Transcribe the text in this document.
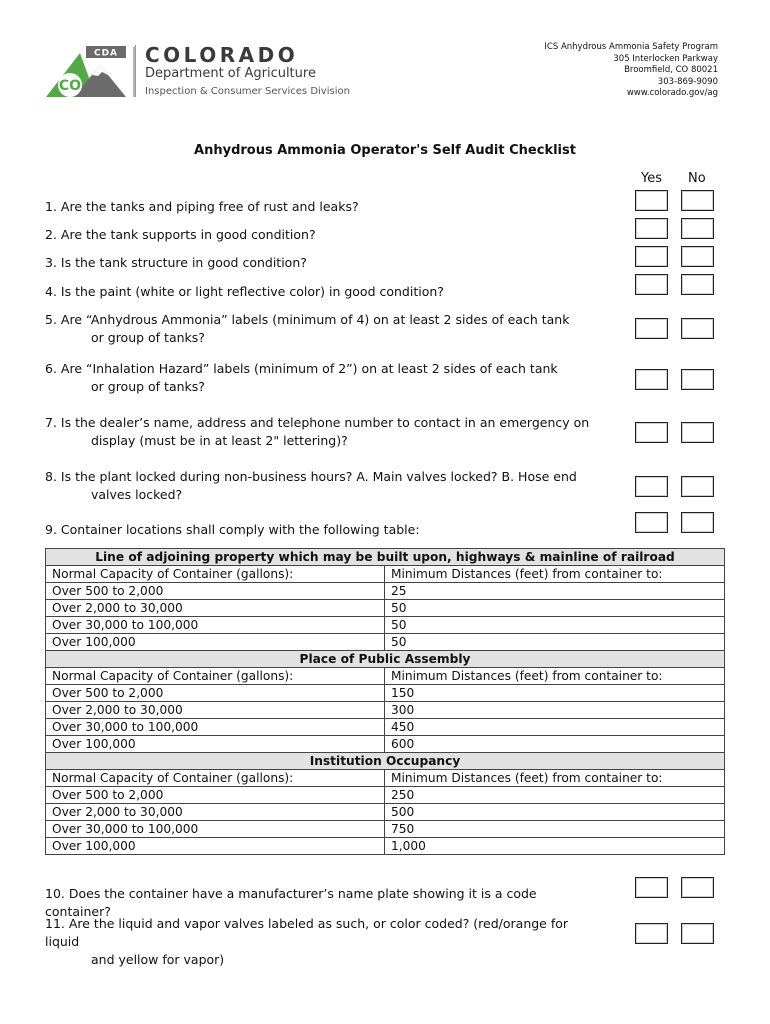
CDA
CO
COLORADO
Department of Agriculture
Inspection & Consumer Services Division
ICS Anhydrous Ammonia Safety Program
305 Interlocken Parkway
Broomfield, CO 80021
303-869-9090
www.colorado.gov/ag
Anhydrous Ammonia Operator's Self Audit Checklist
Yes No
1. Are the tanks and piping free of rust and leaks?
2. Are the tank supports in good condition?
3. Is the tank structure in good condition?
4. Is the paint (white or light reflective color) in good condition?
5. Are “Anhydrous Ammonia” labels (minimum of 4) on at least 2 sides of each tank
or group of tanks?
6. Are “Inhalation Hazard” labels (minimum of 2”) on at least 2 sides of each tank
or group of tanks?
7. Is the dealer’s name, address and telephone number to contact in an emergency on
display (must be in at least 2" lettering)?
8. Is the plant locked during non-business hours? A. Main valves locked? B. Hose end
valves locked?
9. Container locations shall comply with the following table:
10. Does the container have a manufacturer’s name plate showing it is a code container?
11. Are the liquid and vapor valves labeled as such, or color coded? (red/orange for liquid
and yellow for vapor)
Line of adjoining property which may be built upon, highways & mainline of railroad	
Normal Capacity of Container (gallons):	Minimum Distances (feet) from container to:
Over 500 to 2,000	25
Over 2,000 to 30,000	50
Over 30,000 to 100,000	50
Over 100,000	50
Place of Public Assembly	
Normal Capacity of Container (gallons):	Minimum Distances (feet) from container to:
Over 500 to 2,000	150
Over 2,000 to 30,000	300
Over 30,000 to 100,000	450
Over 100,000	600
Institution Occupancy	
Normal Capacity of Container (gallons):	Minimum Distances (feet) from container to:
Over 500 to 2,000	250
Over 2,000 to 30,000	500
Over 30,000 to 100,000	750
Over 100,000	1,000
